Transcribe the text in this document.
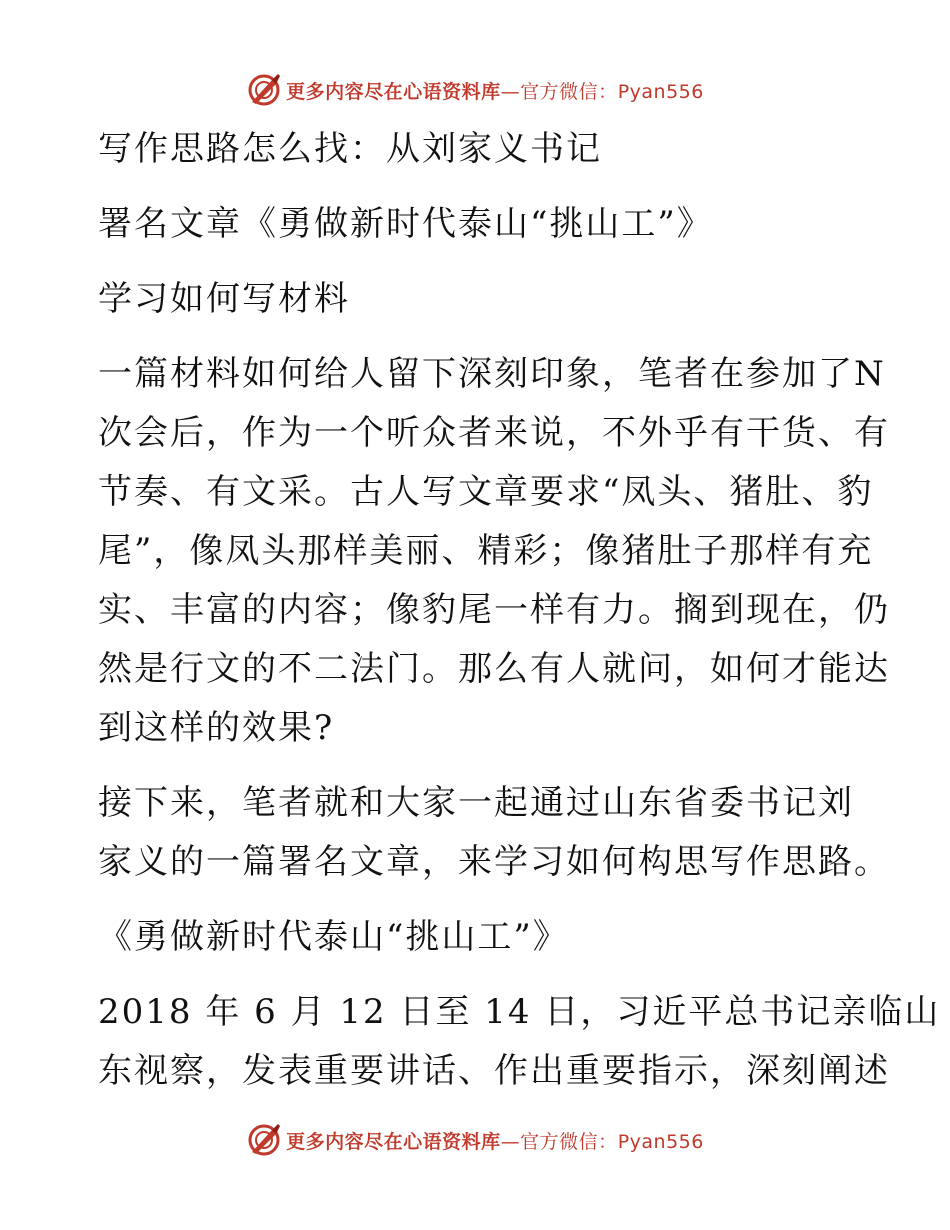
更多内容尽在心语资料库—官方微信：Pyan556
写作思路怎么找：从刘家义书记
署名文章《勇做新时代泰山“挑山工”》
学习如何写材料
一篇材料如何给人留下深刻印象，笔者在参加了N
次会后，作为一个听众者来说，不外乎有干货、有
节奏、有文采。古人写文章要求“凤头、猪肚、豹
尾”，像凤头那样美丽、精彩；像猪肚子那样有充
实、丰富的内容；像豹尾一样有力。搁到现在，仍
然是行文的不二法门。那么有人就问，如何才能达
到这样的效果?
接下来，笔者就和大家一起通过山东省委书记刘
家义的一篇署名文章，来学习如何构思写作思路。
《勇做新时代泰山“挑山工”》
2018 年 6 月 12 日至 14 日，习近平总书记亲临山
东视察，发表重要讲话、作出重要指示，深刻阐述
更多内容尽在心语资料库—官方微信：Pyan556
